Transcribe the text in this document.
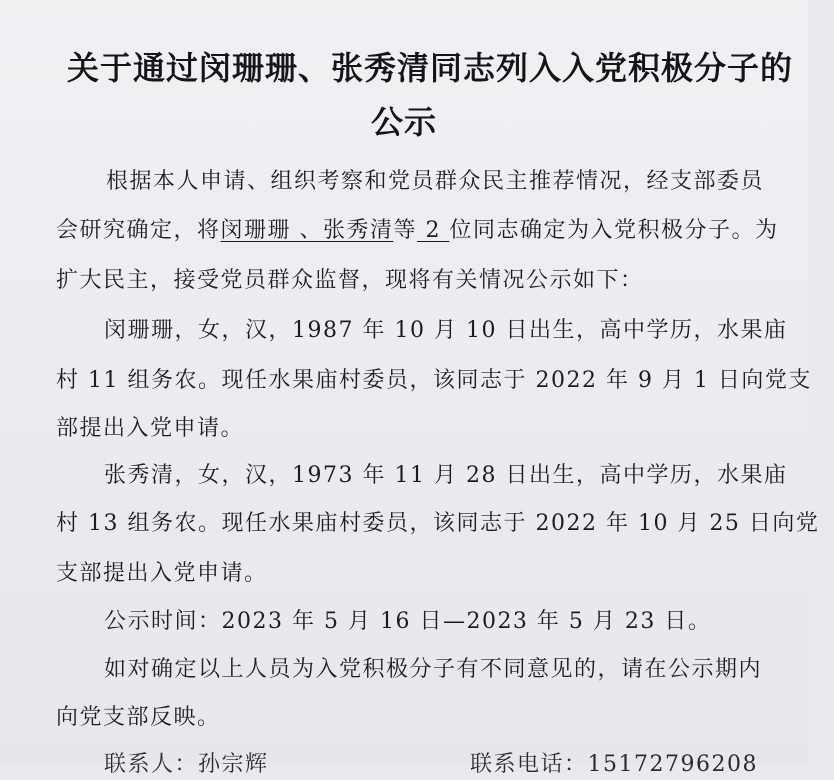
关于通过闵珊珊、张秀清同志列入入党积极分子的
公示
根据本人申请、组织考察和党员群众民主推荐情况，经支部委员
会研究确定，将闵珊珊 、张秀清等 2 位同志确定为入党积极分子。为
扩大民主，接受党员群众监督，现将有关情况公示如下：
闵珊珊，女，汉，1987 年 10 月 10 日出生，高中学历，水果庙
村 11 组务农。现任水果庙村委员，该同志于 2022 年 9 月 1 日向党支
部提出入党申请。
张秀清，女，汉，1973 年 11 月 28 日出生，高中学历，水果庙
村 13 组务农。现任水果庙村委员，该同志于 2022 年 10 月 25 日向党
支部提出入党申请。
公示时间：2023 年 5 月 16 日—2023 年 5 月 23 日。
如对确定以上人员为入党积极分子有不同意见的，请在公示期内
向党支部反映。
联系人：孙宗辉	联系电话：15172796208
